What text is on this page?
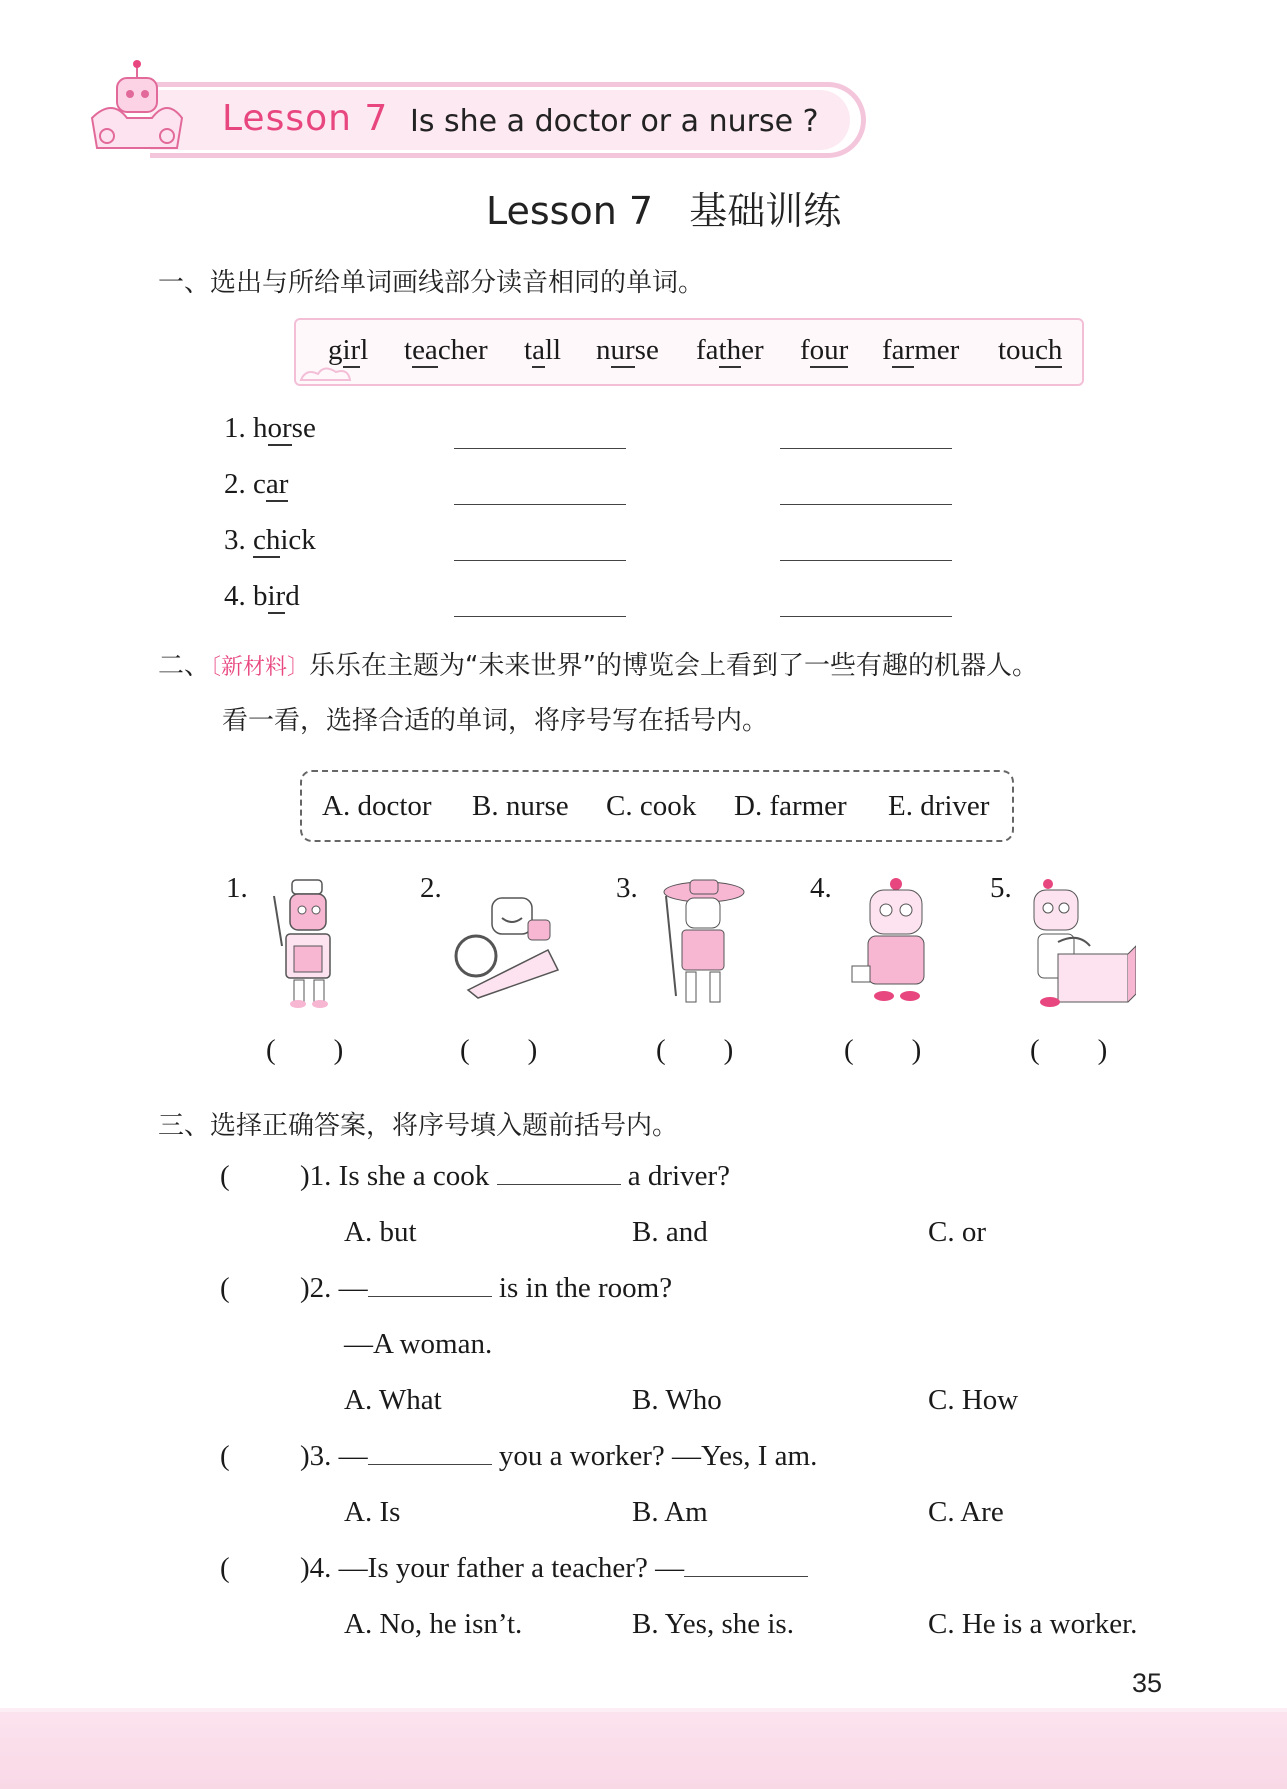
Lesson 7 Is she a doctor or a nurse ?
Lesson 7   基础训练
一、选出与所给单词画线部分读音相同的单词。
girl teacher tall nurse father four farmer touch
1. horse
2. car
3. chick
4. bird
二、〔新材料〕乐乐在主题为“未来世界”的博览会上看到了一些有趣的机器人。
看一看，选择合适的单词，将序号写在括号内。
A. doctor B. nurse C. cook D. farmer E. driver
1.	2.	3.	4.	5.
(        )	(        )	(        )	(        )	(        )
三、选择正确答案，将序号填入题前括号内。
( )1. Is she a cook	a driver?
A. but	B. and	C. or
( )2. —	is in the room?
—A woman.
A. What	B. Who	C. How
( )3. —	you a worker? —Yes, I am.
A. Is	B. Am	C. Are
( )4. —Is your father a teacher? —
A. No, he isn’t.	B. Yes, she is.	C. He is a worker.
35
